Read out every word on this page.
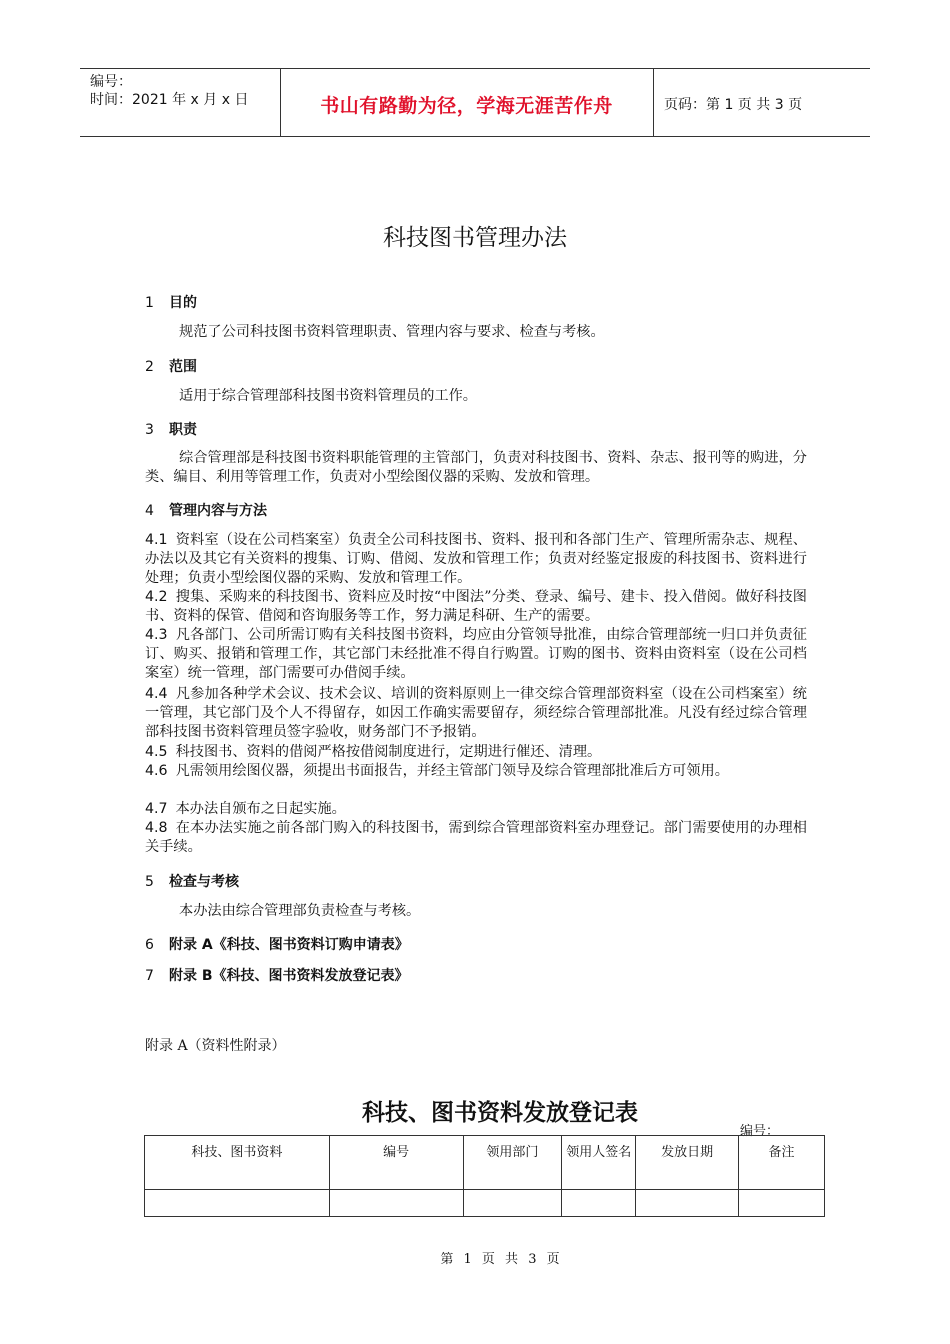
编号：
时间：2021 年 x 月 x 日	书山有路勤为径，学海无涯苦作舟	页码：第 1 页 共 3 页
科技图书管理办法
1 目的
规范了公司科技图书资料管理职责、管理内容与要求、检查与考核。
2 范围
适用于综合管理部科技图书资料管理员的工作。
3 职责
综合管理部是科技图书资料职能管理的主管部门，负责对科技图书、资料、杂志、报刊等的购进，分类、编目、利用等管理工作，负责对小型绘图仪器的采购、发放和管理。
4 管理内容与方法
4.1 资料室（设在公司档案室）负责全公司科技图书、资料、报刊和各部门生产、管理所需杂志、规程、办法以及其它有关资料的搜集、订购、借阅、发放和管理工作；负责对经鉴定报废的科技图书、资料进行处理；负责小型绘图仪器的采购、发放和管理工作。
4.2 搜集、采购来的科技图书、资料应及时按“中图法”分类、登录、编号、建卡、投入借阅。做好科技图书、资料的保管、借阅和咨询服务等工作，努力满足科研、生产的需要。
4.3 凡各部门、公司所需订购有关科技图书资料，均应由分管领导批准，由综合管理部统一归口并负责征订、购买、报销和管理工作，其它部门未经批准不得自行购置。订购的图书、资料由资料室（设在公司档案室）统一管理，部门需要可办借阅手续。
4.4 凡参加各种学术会议、技术会议、培训的资料原则上一律交综合管理部资料室（设在公司档案室）统一管理，其它部门及个人不得留存，如因工作确实需要留存，须经综合管理部批准。凡没有经过综合管理部科技图书资料管理员签字验收，财务部门不予报销。
4.5 科技图书、资料的借阅严格按借阅制度进行，定期进行催还、清理。
4.6 凡需领用绘图仪器，须提出书面报告，并经主管部门领导及综合管理部批准后方可领用。
4.7 本办法自颁布之日起实施。
4.8 在本办法实施之前各部门购入的科技图书，需到综合管理部资料室办理登记。部门需要使用的办理相关手续。
5 检查与考核
本办法由综合管理部负责检查与考核。
6 附录 A《科技、图书资料订购申请表》
7 附录 B《科技、图书资料发放登记表》
附录 A（资料性附录）
科技、图书资料发放登记表
编号：
科技、图书资料	编号	领用部门	领用人签名	发放日期	备注

第 1 页 共 3 页
